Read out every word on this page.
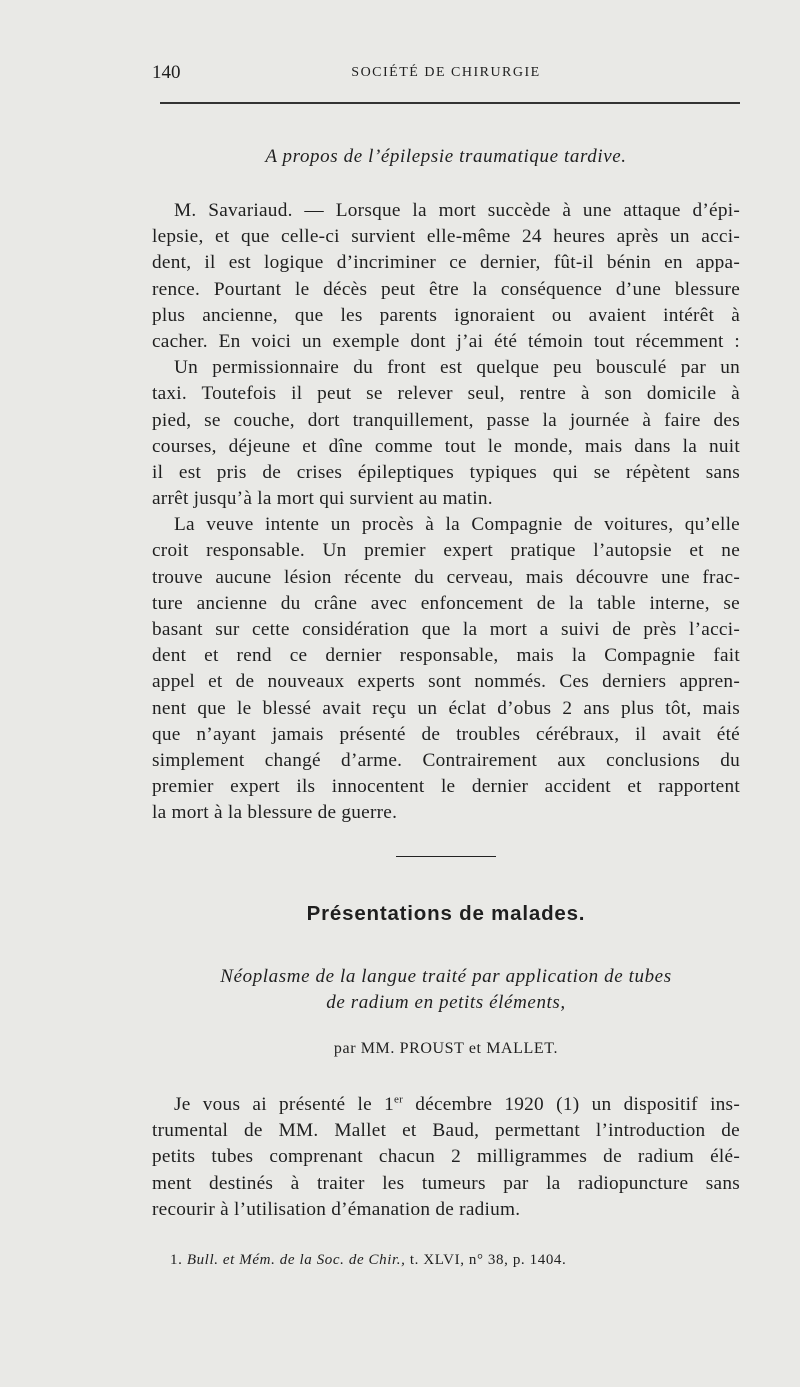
140	SOCIÉTÉ DE CHIRURGIE
A propos de l’épilepsie traumatique tardive.
M. Savariaud. — Lorsque la mort succède à une attaque d’épi-
lepsie, et que celle-ci survient elle-même 24 heures après un acci-
dent, il est logique d’incriminer ce dernier, fût-il bénin en appa-
rence. Pourtant le décès peut être la conséquence d’une blessure
plus ancienne, que les parents ignoraient ou avaient intérêt à
cacher. En voici un exemple dont j’ai été témoin tout récemment :
Un permissionnaire du front est quelque peu bousculé par un
taxi. Toutefois il peut se relever seul, rentre à son domicile à
pied, se couche, dort tranquillement, passe la journée à faire des
courses, déjeune et dîne comme tout le monde, mais dans la nuit
il est pris de crises épileptiques typiques qui se répètent sans
arrêt jusqu’à la mort qui survient au matin.
La veuve intente un procès à la Compagnie de voitures, qu’elle
croit responsable. Un premier expert pratique l’autopsie et ne
trouve aucune lésion récente du cerveau, mais découvre une frac-
ture ancienne du crâne avec enfoncement de la table interne, se
basant sur cette considération que la mort a suivi de près l’acci-
dent et rend ce dernier responsable, mais la Compagnie fait
appel et de nouveaux experts sont nommés. Ces derniers appren-
nent que le blessé avait reçu un éclat d’obus 2 ans plus tôt, mais
que n’ayant jamais présenté de troubles cérébraux, il avait été
simplement changé d’arme. Contrairement aux conclusions du
premier expert ils innocentent le dernier accident et rapportent
la mort à la blessure de guerre.
Présentations de malades.
Néoplasme de la langue traité par application de tubes
de radium en petits éléments,
par MM. PROUST et MALLET.
Je vous ai présenté le 1er décembre 1920 (1) un dispositif ins-
trumental de MM. Mallet et Baud, permettant l’introduction de
petits tubes comprenant chacun 2 milligrammes de radium élé-
ment destinés à traiter les tumeurs par la radiopuncture sans
recourir à l’utilisation d’émanation de radium.
1. Bull. et Mém. de la Soc. de Chir., t. XLVI, n° 38, p. 1404.
